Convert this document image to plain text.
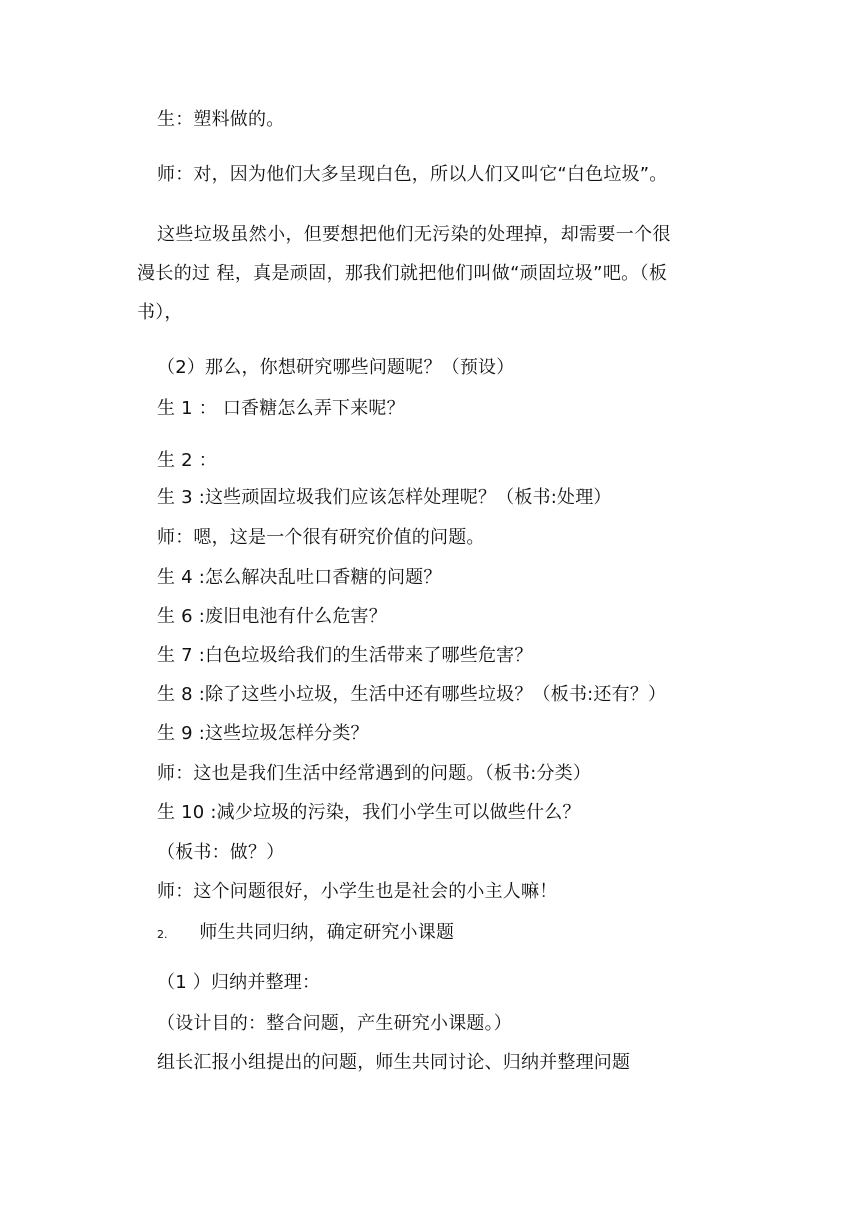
生：塑料做的。
师：对，因为他们大多呈现白色，所以人们又叫它“白色垃圾”。
这些垃圾虽然小，但要想把他们无污染的处理掉，却需要一个很
漫长的过 程，真是顽固，那我们就把他们叫做“顽固垃圾”吧。（板
书），
（2）那么，你想研究哪些问题呢？（预设）
生 1 ： 口香糖怎么弄下来呢？
生 2 ：
生 3 :这些顽固垃圾我们应该怎样处理呢？（板书:处理）
师：嗯，这是一个很有研究价值的问题。
生 4 :怎么解决乱吐口香糖的问题？
生 6 :废旧电池有什么危害？
生 7 :白色垃圾给我们的生活带来了哪些危害？
生 8 :除了这些小垃圾，生活中还有哪些垃圾？（板书:还有？）
生 9 :这些垃圾怎样分类？
师：这也是我们生活中经常遇到的问题。（板书:分类）
生 10 :减少垃圾的污染，我们小学生可以做些什么？
（板书：做？）
师：这个问题很好，小学生也是社会的小主人嘛！
2. 师生共同归纳，确定研究小课题
（1 ）归纳并整理：
（设计目的：整合问题，产生研究小课题。）
组长汇报小组提出的问题，师生共同讨论、归纳并整理问题
